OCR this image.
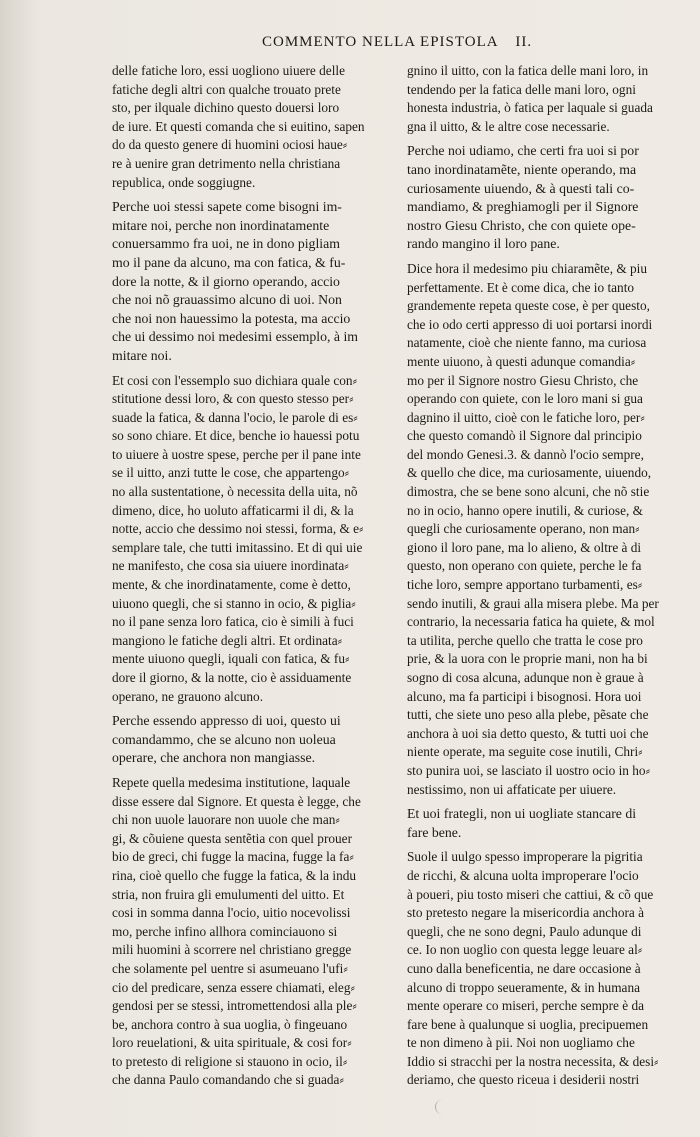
COMMENTO NELLA EPISTOLA II.
delle fatiche loro, essi uogliono uiuere delle
fatiche degli altri con qualche trouato prete
sto, per ilquale dichino questo douersi loro
de iure. Et questi comanda che si euitino, sapen
do da questo genere di huomini ociosi haue⸗
re à uenire gran detrimento nella christiana
republica, onde soggiugne.
Perche uoi stessi sapete come bisogni im-
mitare noi, perche non inordinatamente
conuersammo fra uoi, ne in dono pigliam
mo il pane da alcuno, ma con fatica, & fu-
dore la notte, & il giorno operando, accio
che noi nõ grauassimo alcuno di uoi. Non
che noi non hauessimo la potesta, ma accio
che ui dessimo noi medesimi essemplo, à im
mitare noi.
Et cosi con l'essemplo suo dichiara quale con⸗
stitutione dessi loro, & con questo stesso per⸗
suade la fatica, & danna l'ocio, le parole di es⸗
so sono chiare. Et dice, benche io hauessi potu
to uiuere à uostre spese, perche per il pane inte
se il uitto, anzi tutte le cose, che appartengo⸗
no alla sustentatione, ò necessita della uita, nõ
dimeno, dice, ho uoluto affaticarmi il di, & la
notte, accio che dessimo noi stessi, forma, & e⸗
semplare tale, che tutti imitassino. Et di qui uie
ne manifesto, che cosa sia uiuere inordinata⸗
mente, & che inordinatamente, come è detto,
uiuono quegli, che si stanno in ocio, & piglia⸗
no il pane senza loro fatica, cio è simili à fuci
mangiono le fatiche degli altri. Et ordinata⸗
mente uiuono quegli, iquali con fatica, & fu⸗
dore il giorno, & la notte, cio è assiduamente
operano, ne grauono alcuno.
Perche essendo appresso di uoi, questo ui
comandammo, che se alcuno non uoleua
operare, che anchora non mangiasse.
Repete quella medesima institutione, laquale
disse essere dal Signore. Et questa è legge, che
chi non uuole lauorare non uuole che man⸗
gi, & cõuiene questa sentẽtia con quel prouer
bio de greci, chi fugge la macina, fugge la fa⸗
rina, cioè quello che fugge la fatica, & la indu
stria, non fruira gli emulumenti del uitto. Et
cosi in somma danna l'ocio, uitio nocevolissi
mo, perche infino allhora cominciauono si
mili huomini à scorrere nel christiano gregge
che solamente pel uentre si asumeuano l'ufi⸗
cio del predicare, senza essere chiamati, eleg⸗
gendosi per se stessi, intromettendosi alla ple⸗
be, anchora contro à sua uoglia, ò fingeuano
loro reuelationi, & uita spirituale, & cosi for⸗
to pretesto di religione si stauono in ocio, il⸗
che danna Paulo comandando che si guada⸗
gnino il uitto, con la fatica delle mani loro, in
tendendo per la fatica delle mani loro, ogni
honesta industria, ò fatica per laquale si guada
gna il uitto, & le altre cose necessarie.
Perche noi udiamo, che certi fra uoi si por
tano inordinatamẽte, niente operando, ma
curiosamente uiuendo, & à questi tali co-
mandiamo, & preghiamogli per il Signore
nostro Giesu Christo, che con quiete ope-
rando mangino il loro pane.
Dice hora il medesimo piu chiaramẽte, & piu
perfettamente. Et è come dica, che io tanto
grandemente repeta queste cose, è per questo,
che io odo certi appresso di uoi portarsi inordi
natamente, cioè che niente fanno, ma curiosa
mente uiuono, à questi adunque comandia⸗
mo per il Signore nostro Giesu Christo, che
operando con quiete, con le loro mani si gua
dagnino il uitto, cioè con le fatiche loro, per⸗
che questo comandò il Signore dal principio
del mondo Genesi.3. & dannò l'ocio sempre,
& quello che dice, ma curiosamente, uiuendo,
dimostra, che se bene sono alcuni, che nõ stie
no in ocio, hanno opere inutili, & curiose, &
quegli che curiosamente operano, non man⸗
giono il loro pane, ma lo alieno, & oltre à di
questo, non operano con quiete, perche le fa
tiche loro, sempre apportano turbamenti, es⸗
sendo inutili, & graui alla misera plebe. Ma per
contrario, la necessaria fatica ha quiete, & mol
ta utilita, perche quello che tratta le cose pro
prie, & la uora con le proprie mani, non ha bi
sogno di cosa alcuna, adunque non è graue à
alcuno, ma fa participi i bisognosi. Hora uoi
tutti, che siete uno peso alla plebe, pẽsate che
anchora à uoi sia detto questo, & tutti uoi che
niente operate, ma seguite cose inutili, Chri⸗
sto punira uoi, se lasciato il uostro ocio in ho⸗
nestissimo, non ui affaticate per uiuere.
Et uoi frategli, non ui uogliate stancare di
fare bene.
Suole il uulgo spesso improperare la pigritia
de ricchi, & alcuna uolta improperare l'ocio
à poueri, piu tosto miseri che cattiui, & cõ que
sto pretesto negare la misericordia anchora à
quegli, che ne sono degni, Paulo adunque di
ce. Io non uoglio con questa legge leuare al⸗
cuno dalla beneficentia, ne dare occasione à
alcuno di troppo seueramente, & in humana
mente operare co miseri, perche sempre è da
fare bene à qualunque si uoglia, precipuemen
te non dimeno à pii. Noi non uogliamo che
Iddio si stracchi per la nostra necessita, & desi⸗
deriamo, che questo riceua i desiderii nostri
